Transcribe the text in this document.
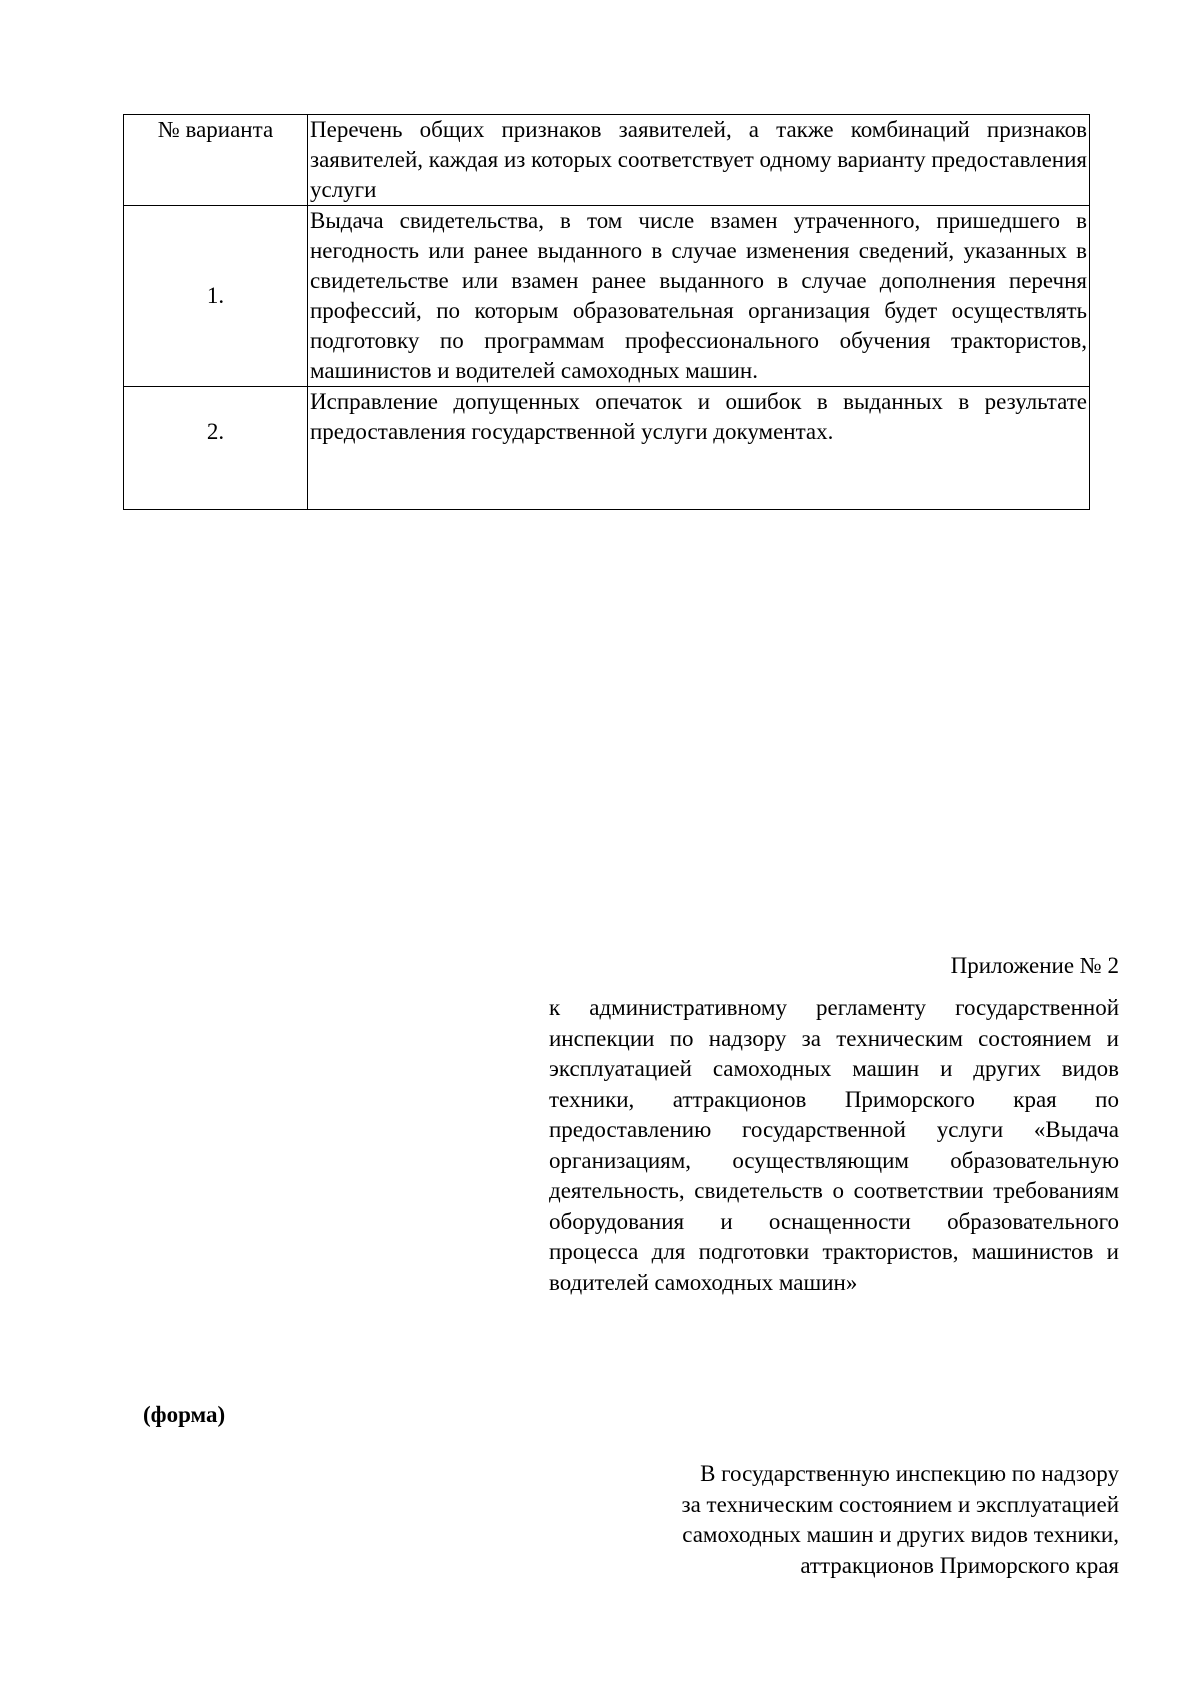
№ варианта	Перечень общих признаков заявителей, а также комбинаций признаков заявителей, каждая из которых соответствует одному варианту предоставления услуги
1.	Выдача свидетельства, в том числе взамен утраченного, пришедшего в негодность или ранее выданного в случае изменения сведений, указанных в свидетельстве или взамен ранее выданного в случае дополнения перечня профессий, по которым образовательная организация будет осуществлять подготовку по программам профессионального обучения трактористов, машинистов и водителей самоходных машин.
2.	Исправление допущенных опечаток и ошибок в выданных в результате предоставления государственной услуги документах.
Приложение № 2
к административному регламенту государственной инспекции по надзору за техническим состоянием и эксплуатацией самоходных машин и других видов техники, аттракционов Приморского края по предоставлению государственной услуги «Выдача организациям, осуществляющим образовательную деятельность, свидетельств о соответствии требованиям оборудования и оснащенности образовательного процесса для подготовки трактористов, машинистов и водителей самоходных машин»
(форма)
В государственную инспекцию по надзору
за техническим состоянием и эксплуатацией
самоходных машин и других видов техники,
аттракционов Приморского края
